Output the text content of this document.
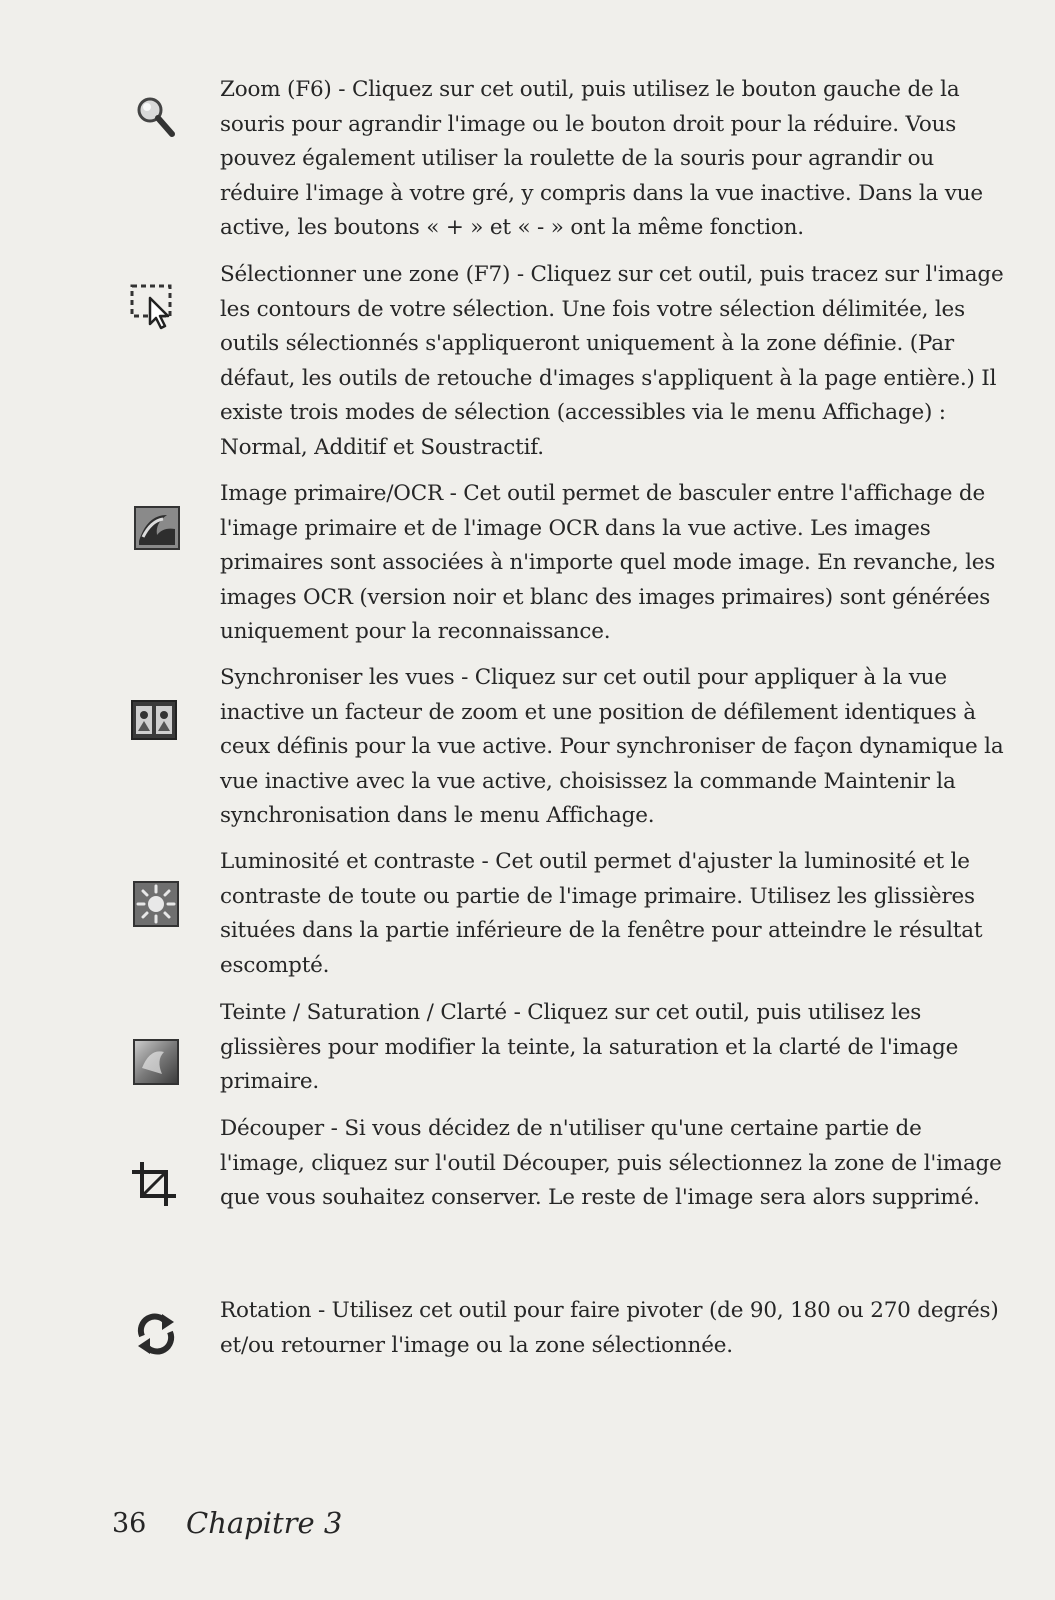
Zoom (F6) - Cliquez sur cet outil, puis utilisez le bouton gauche de la souris pour agrandir l'image ou le bouton droit pour la réduire. Vous pouvez également utiliser la roulette de la souris pour agrandir ou réduire l'image à votre gré, y compris dans la vue inactive. Dans la vue active, les boutons « + » et « - » ont la même fonction.
Sélectionner une zone (F7) - Cliquez sur cet outil, puis tracez sur l'image les contours de votre sélection. Une fois votre sélection délimitée, les outils sélectionnés s'appliqueront uniquement à la zone définie. (Par défaut, les outils de retouche d'images s'appliquent à la page entière.) Il existe trois modes de sélection (accessibles via le menu Affichage) : Normal, Additif et Soustractif.
Image primaire/OCR - Cet outil permet de basculer entre l'affichage de l'image primaire et de l'image OCR dans la vue active. Les images primaires sont associées à n'importe quel mode image. En revanche, les images OCR (version noir et blanc des images primaires) sont générées uniquement pour la reconnaissance.
Synchroniser les vues - Cliquez sur cet outil pour appliquer à la vue inactive un facteur de zoom et une position de défilement identiques à ceux définis pour la vue active. Pour synchroniser de façon dynamique la vue inactive avec la vue active, choisissez la commande Maintenir la synchronisation dans le menu Affichage.
Luminosité et contraste - Cet outil permet d'ajuster la luminosité et le contraste de toute ou partie de l'image primaire. Utilisez les glissières situées dans la partie inférieure de la fenêtre pour atteindre le résultat escompté.
Teinte / Saturation / Clarté - Cliquez sur cet outil, puis utilisez les glissières pour modifier la teinte, la saturation et la clarté de l'image primaire.
Découper - Si vous décidez de n'utiliser qu'une certaine partie de l'image, cliquez sur l'outil Découper, puis sélectionnez la zone de l'image que vous souhaitez conserver. Le reste de l'image sera alors supprimé.
Rotation - Utilisez cet outil pour faire pivoter (de 90, 180 ou 270 degrés) et/ou retourner l'image ou la zone sélectionnée.
36 Chapitre 3
